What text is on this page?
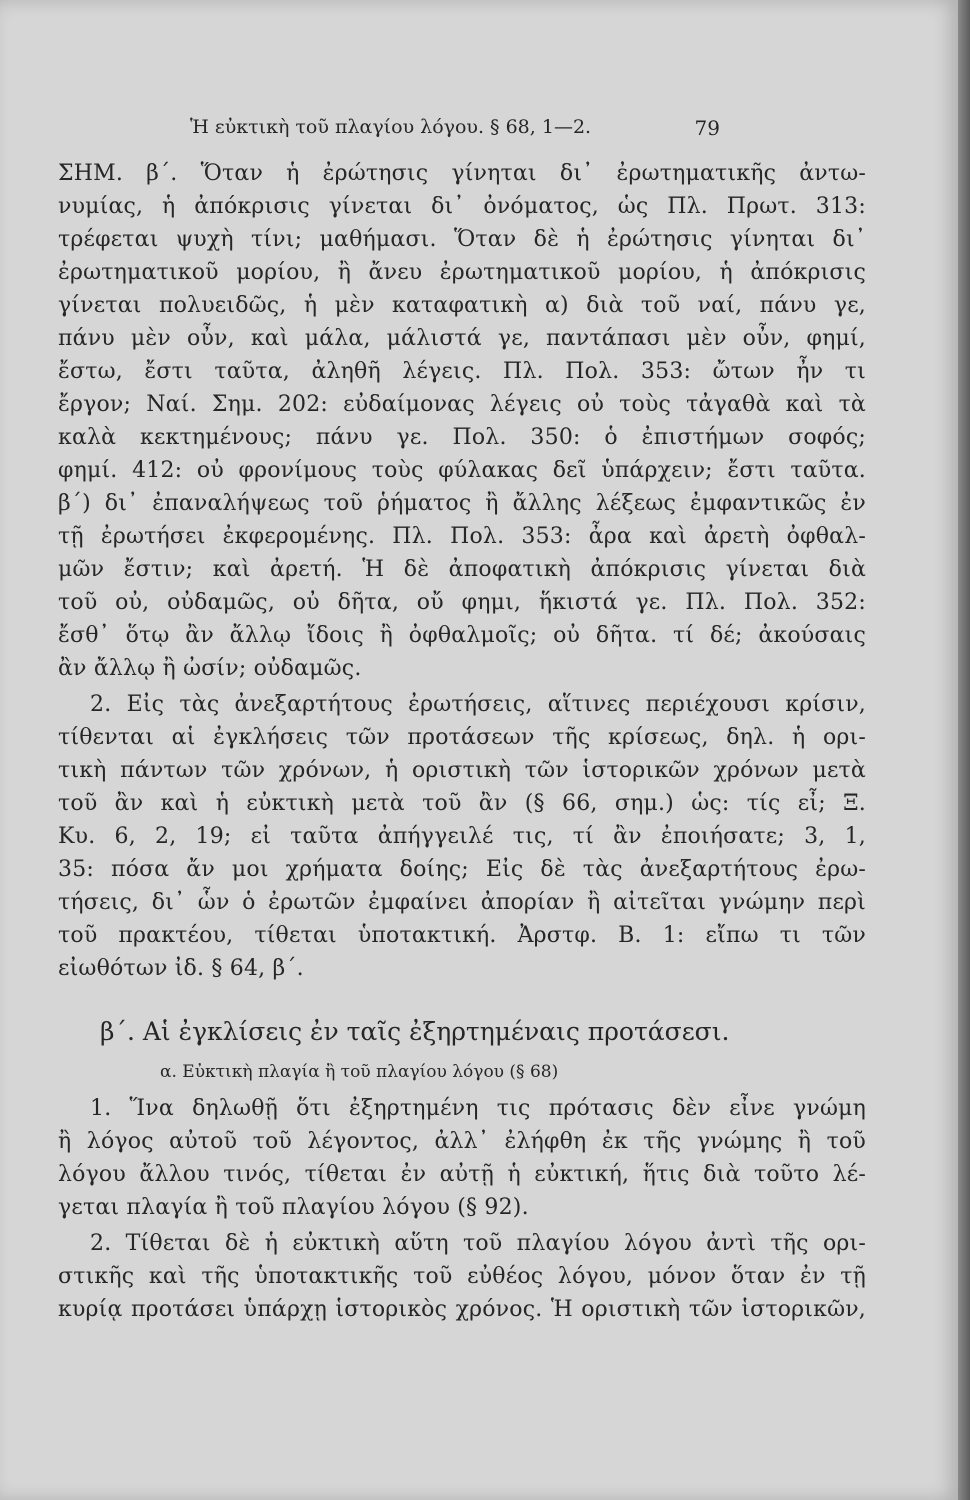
Ἡ εὐκτικὴ τοῦ πλαγίου λόγου. § 68, 1—2.	79
ΣΗΜ. β΄. Ὅταν ἡ ἐρώτησις γίνηται δι᾽ ἐρωτηματικῆς ἀντω-
νυμίας, ἡ ἀπόκρισις γίνεται δι᾽ ὀνόματος, ὡς Πλ. Πρωτ. 313:
τρέφεται ψυχὴ τίνι; μαθήμασι. Ὅταν δὲ ἡ ἐρώτησις γίνηται δι᾽
ἐρωτηματικοῦ μορίου, ἢ ἄνευ ἐρωτηματικοῦ μορίου, ἡ ἀπόκρισις
γίνεται πολυειδῶς, ἡ μὲν καταφατικὴ α) διὰ τοῦ ναί, πάνυ γε,
πάνυ μὲν οὖν, καὶ μάλα, μάλιστά γε, παντάπασι μὲν οὖν, φημί,
ἔστω, ἔστι ταῦτα, ἀληθῆ λέγεις. Πλ. Πολ. 353: ὤτων ἦν τι
ἔργον; Ναί. Σημ. 202: εὐδαίμονας λέγεις οὐ τοὺς τἀγαθὰ καὶ τὰ
καλὰ κεκτημένους; πάνυ γε. Πολ. 350: ὁ ἐπιστήμων σοφός;
φημί. 412: οὐ φρονίμους τοὺς φύλακας δεῖ ὑπάρχειν; ἔστι ταῦτα.
β΄) δι᾽ ἐπαναλήψεως τοῦ ῥήματος ἢ ἄλλης λέξεως ἐμφαντικῶς ἐν
τῇ ἐρωτήσει ἐκφερομένης. Πλ. Πολ. 353: ἆρα καὶ ἀρετὴ ὀφθαλ-
μῶν ἔστιν; καὶ ἀρετή. Ἡ δὲ ἀποφατικὴ ἀπόκρισις γίνεται διὰ
τοῦ οὐ, οὐδαμῶς, οὐ δῆτα, οὔ φημι, ἥκιστά γε. Πλ. Πολ. 352:
ἔσθ᾽ ὅτῳ ἂν ἄλλῳ ἴδοις ἢ ὀφθαλμοῖς; οὐ δῆτα. τί δέ; ἀκούσαις
ἂν ἄλλῳ ἢ ὠσίν; οὐδαμῶς.
2. Εἰς τὰς ἀνεξαρτήτους ἐρωτήσεις, αἵτινες περιέχουσι κρίσιν,
τίθενται αἱ ἐγκλήσεις τῶν προτάσεων τῆς κρίσεως, δηλ. ἡ ορι-
τικὴ πάντων τῶν χρόνων, ἡ οριστικὴ τῶν ἱστορικῶν χρόνων μετὰ
τοῦ ἂν καὶ ἡ εὐκτικὴ μετὰ τοῦ ἂν (§ 66, σημ.) ὡς: τίς εἶ; Ξ.
Κυ. 6, 2, 19; εἰ ταῦτα ἀπήγγειλέ τις, τί ἂν ἐποιήσατε; 3, 1,
35: πόσα ἄν μοι χρήματα δοίης; Εἰς δὲ τὰς ἀνεξαρτήτους ἐρω-
τήσεις, δι᾽ ὧν ὁ ἐρωτῶν ἐμφαίνει ἀπορίαν ἢ αἰτεῖται γνώμην περὶ
τοῦ πρακτέου, τίθεται ὑποτακτική. Ἀρστφ. Β. 1: εἴπω τι τῶν
εἰωθότων ἰδ. § 64, β΄.
β΄. Αἱ ἐγκλίσεις ἐν ταῖς ἐξηρτημέναις προτάσεσι.
α. Εὐκτικὴ πλαγία ἢ τοῦ πλαγίου λόγου (§ 68)
1. Ἵνα δηλωθῇ ὅτι ἐξηρτημένη τις πρότασις δὲν εἶνε γνώμη
ἢ λόγος αὐτοῦ τοῦ λέγοντος, ἀλλ᾽ ἐλήφθη ἐκ τῆς γνώμης ἢ τοῦ
λόγου ἄλλου τινός, τίθεται ἐν αὐτῇ ἡ εὐκτική, ἥτις διὰ τοῦτο λέ-
γεται πλαγία ἢ τοῦ πλαγίου λόγου (§ 92).
2. Τίθεται δὲ ἡ εὐκτικὴ αὕτη τοῦ πλαγίου λόγου ἀντὶ τῆς ορι-
στικῆς καὶ τῆς ὑποτακτικῆς τοῦ εὐθέος λόγου, μόνον ὅταν ἐν τῇ
κυρίᾳ προτάσει ὑπάρχῃ ἱστορικὸς χρόνος. Ἡ οριστικὴ τῶν ἱστορικῶν,
